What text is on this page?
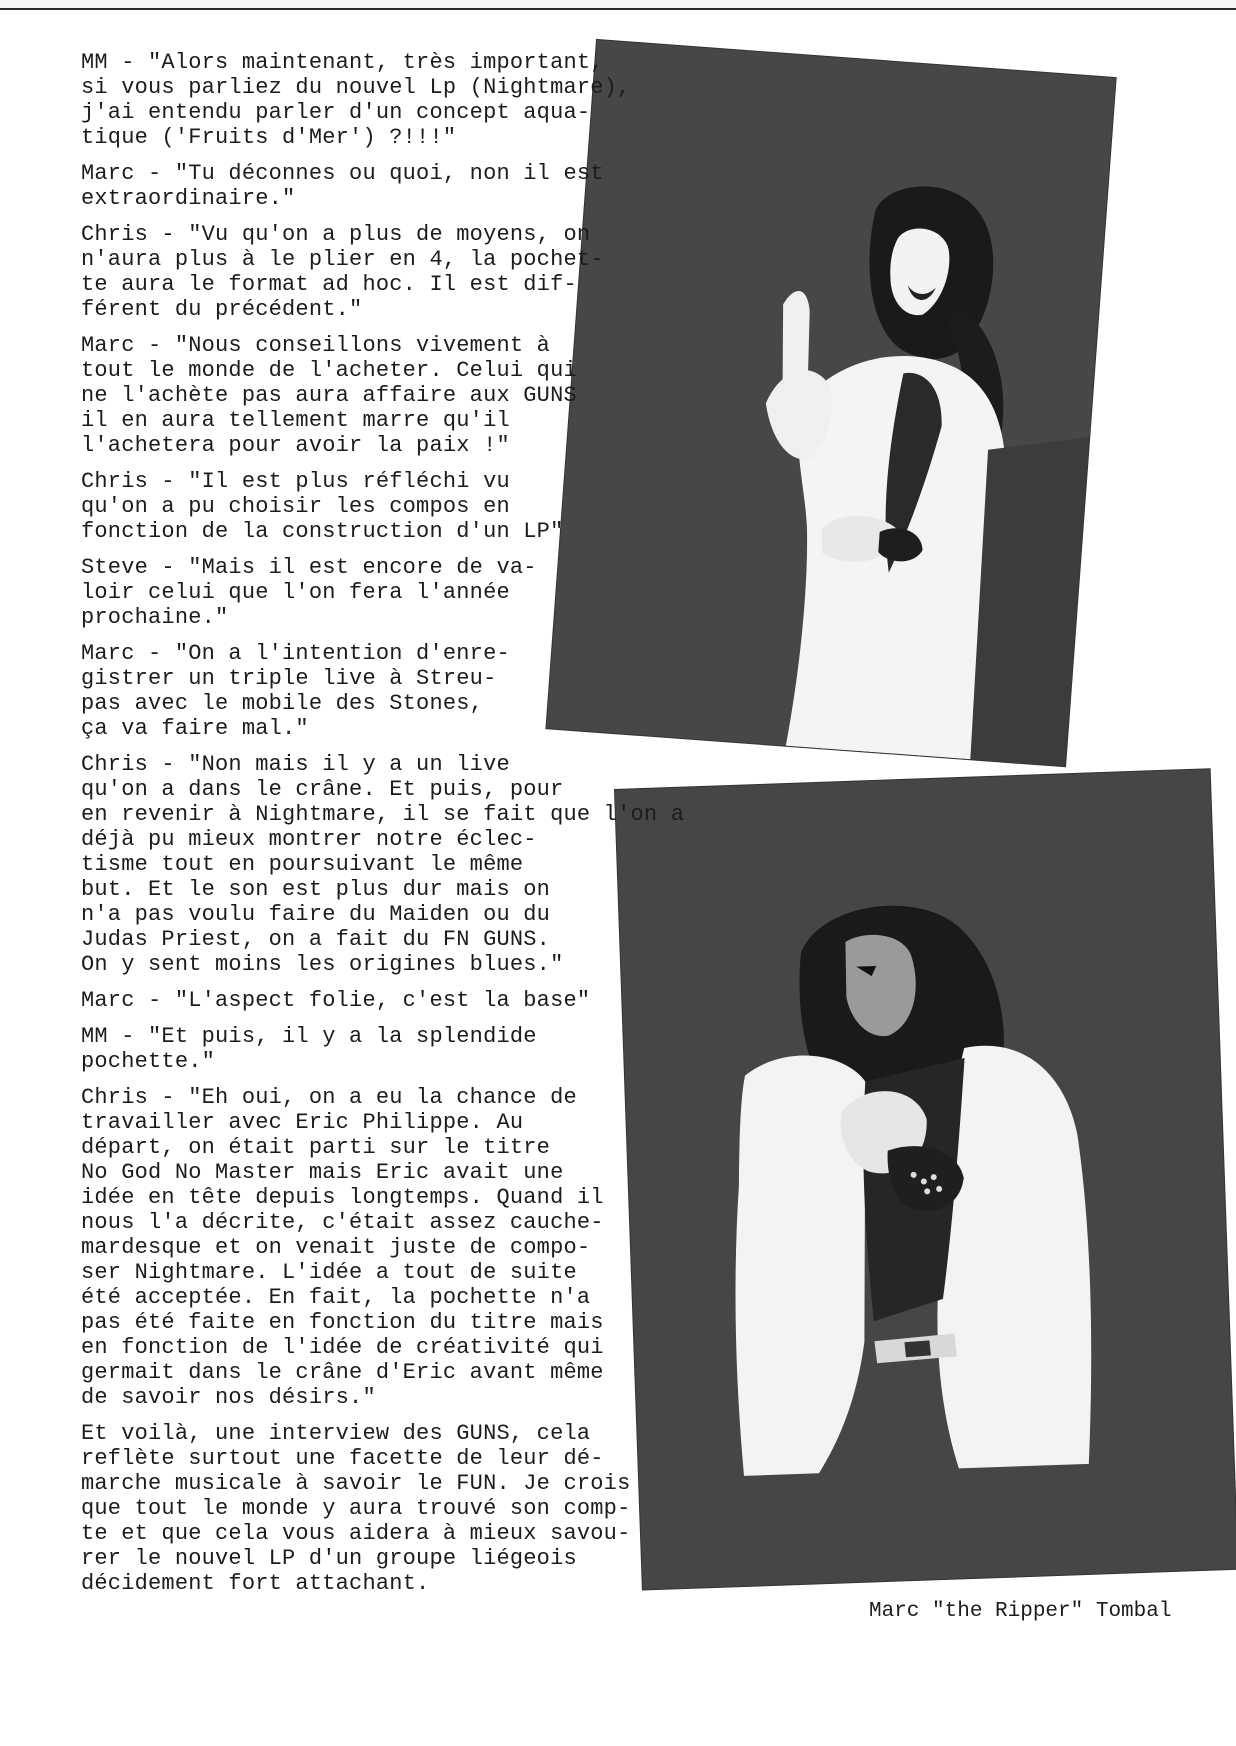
MM - "Alors maintenant, très important,
si vous parliez du nouvel Lp (Nightmare),
j'ai entendu parler d'un concept aqua-
tique ('Fruits d'Mer') ?!!!"

Marc - "Tu déconnes ou quoi, non il est
extraordinaire."

Chris - "Vu qu'on a plus de moyens, on
n'aura plus à le plier en 4, la pochet-
te aura le format ad hoc. Il est dif-
férent du précédent."

Marc - "Nous conseillons vivement à
tout le monde de l'acheter. Celui qui
ne l'achète pas aura affaire aux GUNS
il en aura tellement marre qu'il
l'achetera pour avoir la paix !"

Chris - "Il est plus réfléchi vu
qu'on a pu choisir les compos en
fonction de la construction d'un LP"

Steve - "Mais il est encore de va-
loir celui que l'on fera l'année
prochaine."

Marc - "On a l'intention d'enre-
gistrer un triple live à Streu-
pas avec le mobile des Stones,
ça va faire mal."

Chris - "Non mais il y a un live
qu'on a dans le crâne. Et puis, pour
en revenir à Nightmare, il se fait que l'on a
déjà pu mieux montrer notre éclec-
tisme tout en poursuivant le même
but. Et le son est plus dur mais on
n'a pas voulu faire du Maiden ou du
Judas Priest, on a fait du FN GUNS.
On y sent moins les origines blues."

Marc - "L'aspect folie, c'est la base"

MM - "Et puis, il y a la splendide
pochette."

Chris - "Eh oui, on a eu la chance de
travailler avec Eric Philippe. Au
départ, on était parti sur le titre
No God No Master mais Eric avait une
idée en tête depuis longtemps. Quand il
nous l'a décrite, c'était assez cauche-
mardesque et on venait juste de compo-
ser Nightmare. L'idée a tout de suite
été acceptée. En fait, la pochette n'a
pas été faite en fonction du titre mais
en fonction de l'idée de créativité qui
germait dans le crâne d'Eric avant même
de savoir nos désirs."

Et voilà, une interview des GUNS, cela
reflète surtout une facette de leur dé-
marche musicale à savoir le FUN. Je crois
que tout le monde y aura trouvé son comp-
te et que cela vous aidera à mieux savou-
rer le nouvel LP d'un groupe liégeois
décidement fort attachant.

Marc "the Ripper" Tombal
